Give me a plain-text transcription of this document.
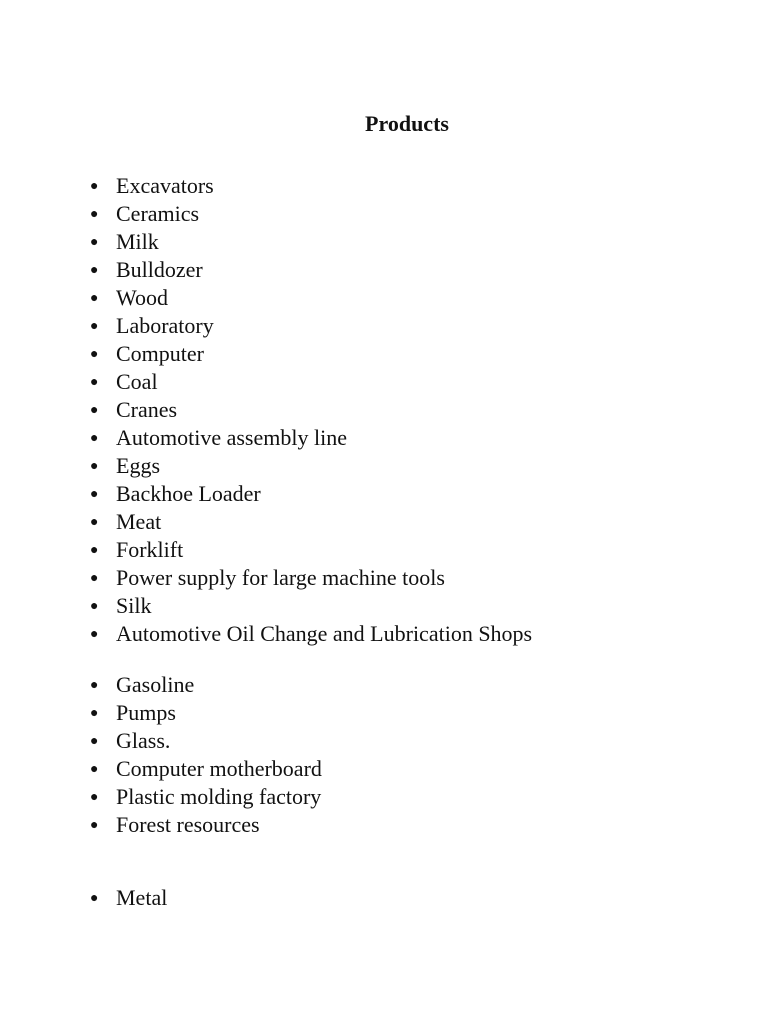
Products
● Excavators
● Ceramics
● Milk
● Bulldozer
● Wood
● Laboratory
● Computer
● Coal
● Cranes
● Automotive assembly line
● Eggs
● Backhoe Loader
● Meat
● Forklift
● Power supply for large machine tools
● Silk
● Automotive Oil Change and Lubrication Shops
● Gasoline
● Pumps
● Glass.
● Computer motherboard
● Plastic molding factory
● Forest resources
● Metal
